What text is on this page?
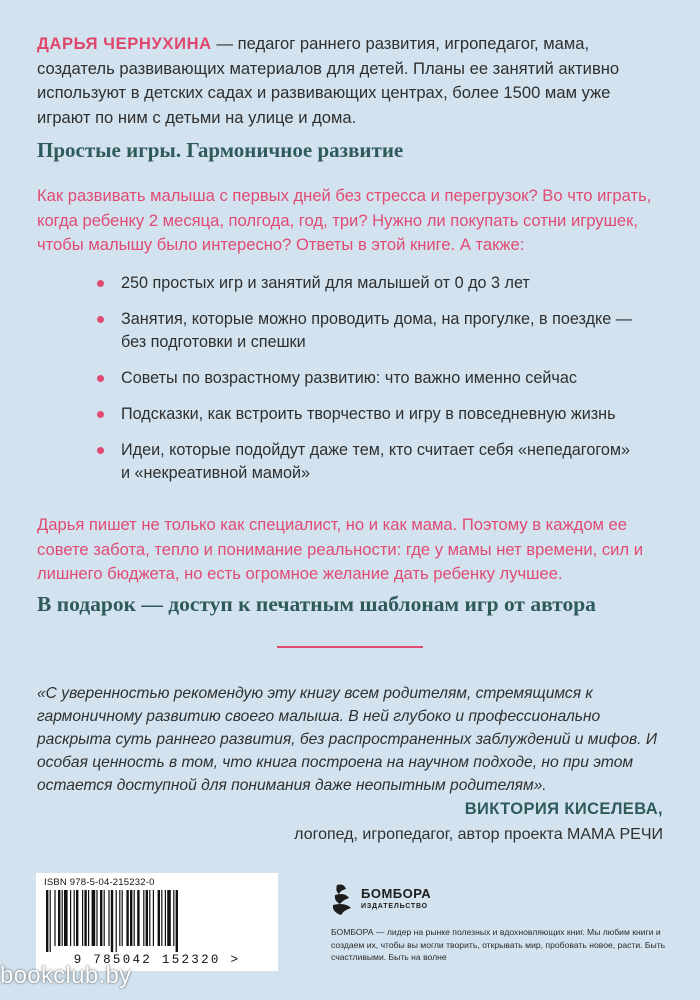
ДАРЬЯ ЧЕРНУХИНА — педагог раннего развития, игропедагог, мама, создатель развивающих материалов для детей. Планы ее занятий активно используют в детских садах и развивающих центрах, более 1500 мам уже играют по ним с детьми на улице и дома.

Простые игры. Гармоничное развитие

Как развивать малыша с первых дней без стресса и перегрузок? Во что играть, когда ребенку 2 месяца, полгода, год, три? Нужно ли покупать сотни игрушек, чтобы малышу было интересно? Ответы в этой книге. А также:

250 простых игр и занятий для малышей от 0 до 3 лет
Занятия, которые можно проводить дома, на прогулке, в поездке — без подготовки и спешки
Советы по возрастному развитию: что важно именно сейчас
Подсказки, как встроить творчество и игру в повседневную жизнь
Идеи, которые подойдут даже тем, кто считает себя «непедагогом» и «некреативной мамой»

Дарья пишет не только как специалист, но и как мама. Поэтому в каждом ее совете забота, тепло и понимание реальности: где у мамы нет времени, сил и лишнего бюджета, но есть огромное желание дать ребенку лучшее.

В подарок — доступ к печатным шаблонам игр от автора

«С уверенностью рекомендую эту книгу всем родителям, стремящимся к гармоничному развитию своего малыша. В ней глубоко и профессионально раскрыта суть раннего развития, без распространенных заблуждений и мифов. И особая ценность в том, что книга построена на научном подходе, но при этом остается доступной для понимания даже неопытным родителям».

ВИКТОРИЯ КИСЕЛЕВА,
логопед, игропедагог, автор проекта МАМА РЕЧИ
ISBN 978-5-04-215232-0
9 785042 152320 >
БОМБОРА
ИЗДАТЕЛЬСТВО

БОМБОРА — лидер на рынке полезных и вдохновляющих книг. Мы любим книги и создаем их, чтобы вы могли творить, открывать мир, пробовать новое, расти. Быть счастливыми. Быть на волне

bookclub.by
